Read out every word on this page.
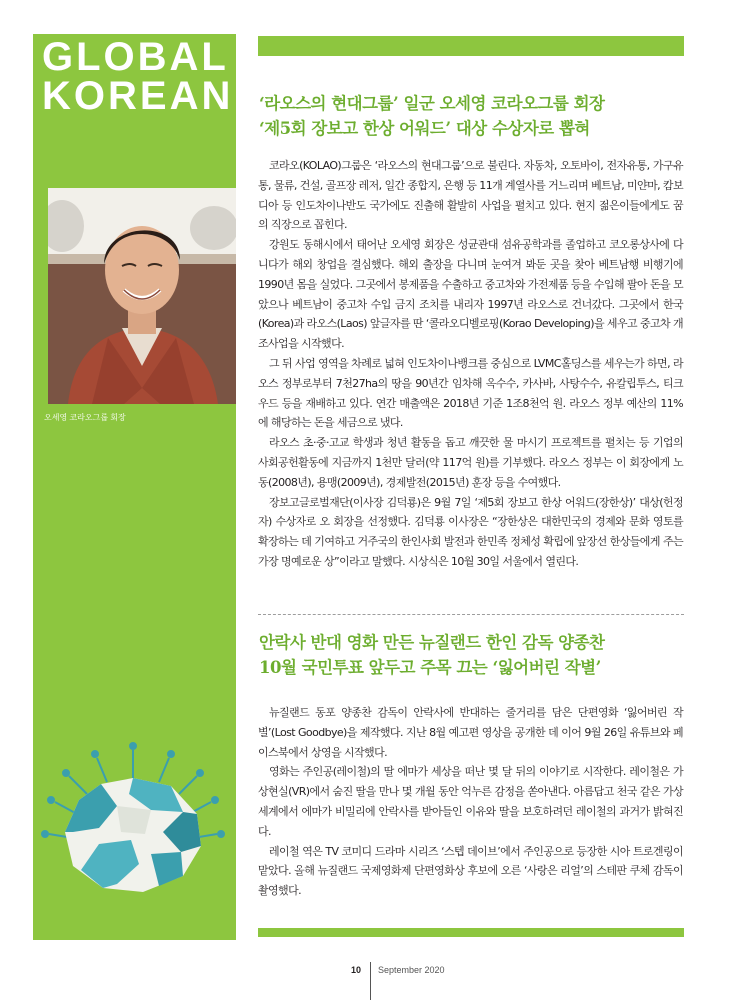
GLOBAL
KOREAN
오세영 코라오그룹 회장
‘라오스의 현대그룹’ 일군 오세영 코라오그룹 회장
‘제5회 장보고 한상 어워드’ 대상 수상자로 뽑혀

코라오(KOLAO)그룹은 ‘라오스의 현대그룹’으로 불린다. 자동차, 오토바이, 전자유통, 가구유통, 물류, 건설, 골프장 레저, 일간 종합지, 은행 등 11개 계열사를 거느리며 베트남, 미얀마, 캄보디아 등 인도차이나반도 국가에도 진출해 활발히 사업을 펼치고 있다. 현지 젊은이들에게도 꿈의 직장으로 꼽힌다.

강원도 동해시에서 태어난 오세영 회장은 성균관대 섬유공학과를 졸업하고 코오롱상사에 다니다가 해외 창업을 결심했다. 해외 출장을 다니며 눈여겨 봐둔 곳을 찾아 베트남행 비행기에 1990년 몸을 실었다. 그곳에서 봉제품을 수출하고 중고차와 가전제품 등을 수입해 팔아 돈을 모았으나 베트남이 중고차 수입 금지 조치를 내리자 1997년 라오스로 건너갔다. 그곳에서 한국(Korea)과 라오스(Laos) 앞글자를 딴 ‘콜라오디벨로핑(Korao Developing)을 세우고 중고차 개조사업을 시작했다.

그 뒤 사업 영역을 차례로 넓혀 인도차이나뱅크를 중심으로 LVMC홀딩스를 세우는가 하면, 라오스 정부로부터 7천27ha의 땅을 90년간 임차해 옥수수, 카사바, 사탕수수, 유칼립투스, 티크우드 등을 재배하고 있다. 연간 매출액은 2018년 기준 1조8천억 원. 라오스 정부 예산의 11%에 해당하는 돈을 세금으로 냈다.

라오스 초·중·고교 학생과 청년 활동을 돕고 깨끗한 물 마시기 프로젝트를 펼치는 등 기업의 사회공헌활동에 지금까지 1천만 달러(약 117억 원)를 기부했다. 라오스 정부는 이 회장에게 노동(2008년), 용맹(2009년), 경제발전(2015년) 훈장 등을 수여했다.

장보고글로벌재단(이사장 김덕룡)은 9월 7일 ‘제5회 장보고 한상 어워드(장한상)’ 대상(헌정자) 수상자로 오 회장을 선정했다. 김덕룡 이사장은 “장한상은 대한민국의 경제와 문화 영토를 확장하는 데 기여하고 거주국의 한인사회 발전과 한민족 정체성 확립에 앞장선 한상들에게 주는 가장 명예로운 상”이라고 말했다. 시상식은 10월 30일 서울에서 열린다.

안락사 반대 영화 만든 뉴질랜드 한인 감독 양종찬
10월 국민투표 앞두고 주목 끄는 ‘잃어버린 작별’

뉴질랜드 동포 양종찬 감독이 안락사에 반대하는 줄거리를 담은 단편영화 ‘잃어버린 작별’(Lost Goodbye)을 제작했다. 지난 8월 예고편 영상을 공개한 데 이어 9월 26일 유튜브와 페이스북에서 상영을 시작했다.

영화는 주인공(레이철)의 딸 에마가 세상을 떠난 몇 달 뒤의 이야기로 시작한다. 레이철은 가상현실(VR)에서 숨진 딸을 만나 몇 개월 동안 억누른 감정을 쏟아낸다. 아름답고 천국 같은 가상 세계에서 에마가 비밀리에 안락사를 받아들인 이유와 딸을 보호하려던 레이철의 과거가 밝혀진다.

레이철 역은 TV 코미디 드라마 시리즈 ‘스텝 데이브’에서 주인공으로 등장한 시아 트로겐링이 맡았다. 올해 뉴질랜드 국제영화제 단편영화상 후보에 오른 ‘사랑은 리얼’의 스테판 쿠체 감독이 촬영했다.

10 September 2020
